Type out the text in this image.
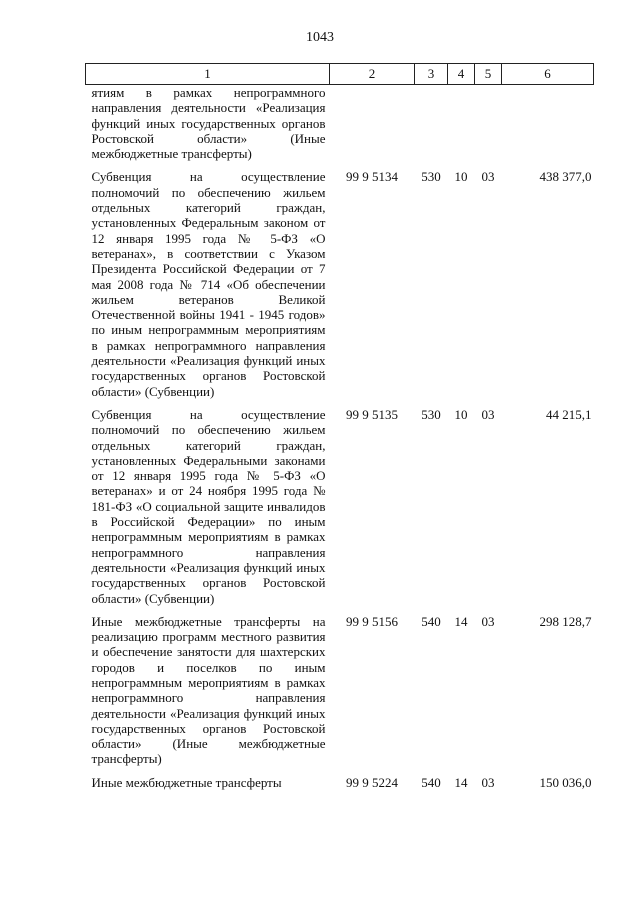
1043
1	2	3	4	5	6
ятиям в рамках непрограммного направления деятельности «Реализация функций иных государственных органов Ростовской области» (Иные межбюджетные трансферты)					
Субвенция на осуществление полномочий по обеспечению жильем отдельных категорий граждан, установленных Федеральным законом от 12 января 1995 года № 5-ФЗ «О ветеранах», в соответствии с Указом Президента Российской Федерации от 7 мая 2008 года № 714 «Об обеспечении жильем ветеранов Великой Отечественной войны 1941 - 1945 годов» по иным непрограммным мероприятиям в рамках непрограммного направления деятельности «Реализация функций иных государственных органов Ростовской области» (Субвенции)	99 9 5134	530	10	03	438 377,0
Субвенция на осуществление полномочий по обеспечению жильем отдельных категорий граждан, установленных Федеральными законами от 12 января 1995 года № 5-ФЗ «О ветеранах» и от 24 ноября 1995 года № 181-ФЗ «О социальной защите инвалидов в Российской Федерации» по иным непрограммным мероприятиям в рамках непрограммного направления деятельности «Реализация функций иных государственных органов Ростовской области» (Субвенции)	99 9 5135	530	10	03	44 215,1
Иные межбюджетные трансферты на реализацию программ местного развития и обеспечение занятости для шахтерских городов и поселков по иным непрограммным мероприятиям в рамках непрограммного направления деятельности «Реализация функций иных государственных органов Ростовской области» (Иные межбюджетные трансферты)	99 9 5156	540	14	03	298 128,7
Иные межбюджетные трансферты	99 9 5224	540	14	03	150 036,0
